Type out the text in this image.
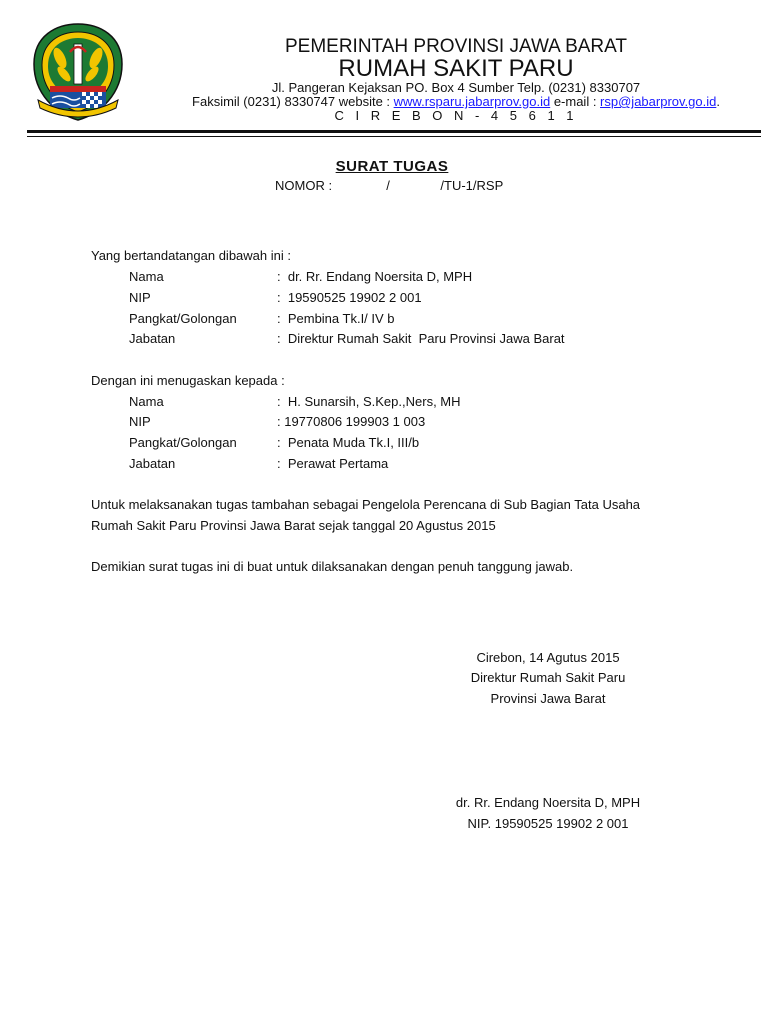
PEMERINTAH PROVINSI JAWA BARAT
RUMAH SAKIT PARU
Jl. Pangeran Kejaksan PO. Box 4 Sumber Telp. (0231) 8330707
Faksimil (0231) 8330747 website : www.rsparu.jabarprov.go.id e-mail : rsp@jabarprov.go.id.
C I R E B O N - 4 5 6 1 1
SURAT TUGAS
NOMOR :               /              /TU-1/RSP
Yang bertandatangan dibawah ini :
Nama	:  dr. Rr. Endang Noersita D, MPH
NIP	:  19590525 19902 2 001
Pangkat/Golongan	:  Pembina Tk.I/ IV b
Jabatan	:  Direktur Rumah Sakit  Paru Provinsi Jawa Barat
Dengan ini menugaskan kepada :
Nama	:  H. Sunarsih, S.Kep.,Ners, MH
NIP	: 19770806 199903 1 003
Pangkat/Golongan	:  Penata Muda Tk.I, III/b
Jabatan	:  Perawat Pertama
Untuk melaksanakan tugas tambahan sebagai Pengelola Perencana di Sub Bagian Tata Usaha
Rumah Sakit Paru Provinsi Jawa Barat sejak tanggal 20 Agustus 2015
Demikian surat tugas ini di buat untuk dilaksanakan dengan penuh tanggung jawab.
Cirebon, 14 Agutus 2015
Direktur Rumah Sakit Paru
Provinsi Jawa Barat
dr. Rr. Endang Noersita D, MPH
NIP. 19590525 19902 2 001
